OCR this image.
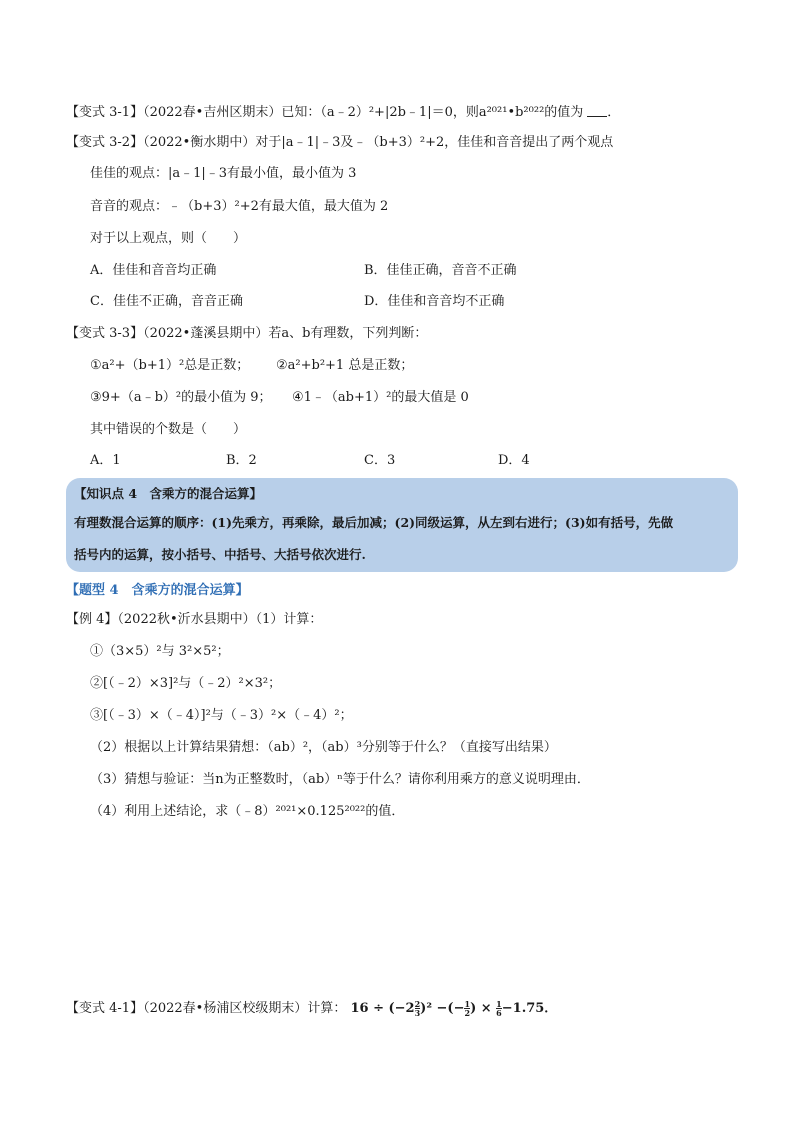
【变式 3-1】（2022春•吉州区期末）已知：（a﹣2）²+|2b﹣1|＝0，则a²⁰²¹•b²⁰²²的值为 ．
【变式 3-2】（2022•衡水期中）对于|a﹣1|﹣3及﹣（b+3）²+2，佳佳和音音提出了两个观点
佳佳的观点：|a﹣1|﹣3有最小值，最小值为 3
音音的观点：﹣（b+3）²+2有最大值，最大值为 2
对于以上观点，则（　　）
A．佳佳和音音均正确	B．佳佳正确，音音不正确
C．佳佳不正确，音音正确	D．佳佳和音音均不正确
【变式 3-3】（2022•蓬溪县期中）若a、b有理数，下列判断：
①a²+（b+1）²总是正数； ②a²+b²+1 总是正数；
③9+（a﹣b）²的最小值为 9； ④1﹣（ab+1）²的最大值是 0
其中错误的个数是（　　）
A．1	B．2	C．3	D．4
【知识点 4　含乘方的混合运算】
有理数混合运算的顺序：(1)先乘方，再乘除，最后加减；(2)同级运算，从左到右进行；(3)如有括号，先做
括号内的运算，按小括号、中括号、大括号依次进行.
【题型 4　含乘方的混合运算】
【例 4】（2022秋•沂水县期中）（1）计算：
①（3×5）²与 3²×5²；
②[（﹣2）×3]²与（﹣2）²×3²；
③[（﹣3）×（﹣4）]²与（﹣3）²×（﹣4）²；
（2）根据以上计算结果猜想：（ab）²，（ab）³分别等于什么？（直接写出结果）
（3）猜想与验证：当n为正整数时，（ab）ⁿ等于什么？请你利用乘方的意义说明理由．
（4）利用上述结论，求（﹣8）²⁰²¹×0.125²⁰²²的值．
【变式 4-1】（2022春•杨浦区校级期末）计算： $16 \div (-2 \frac{2}{3} )^2$ −(− $\frac{1}{2}$ ) × $\frac{1}{6} -1.75$．
